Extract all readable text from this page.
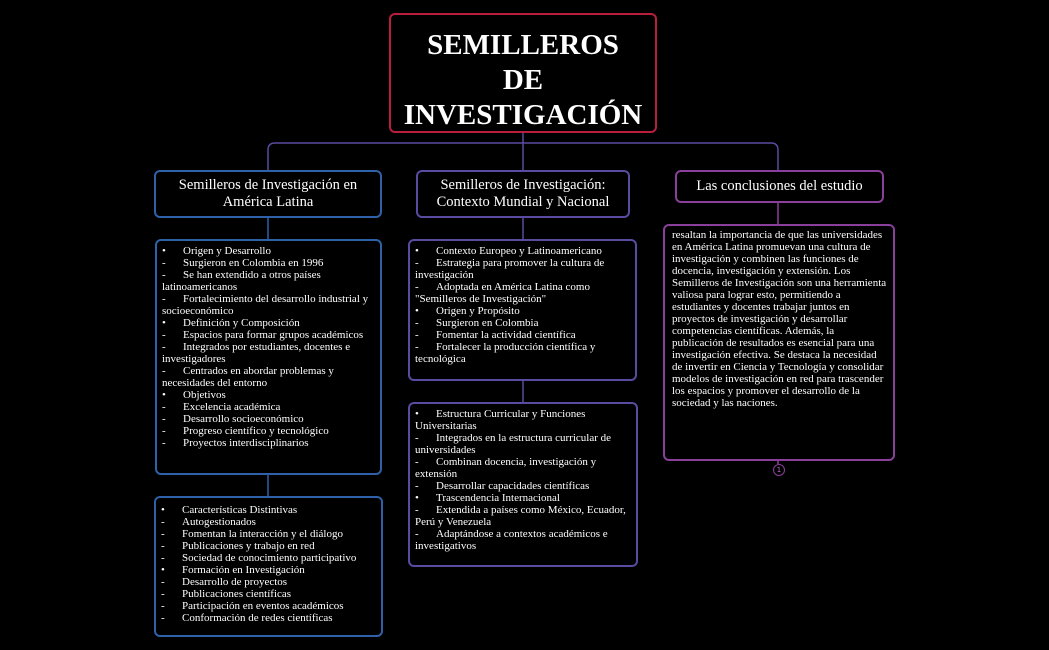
SEMILLEROS
DE
INVESTIGACIÓN
Semilleros de Investigación en
América Latina
Semilleros de Investigación:
Contexto Mundial y Nacional
Las conclusiones del estudio
• Origen y Desarrollo
- Surgieron en Colombia en 1996
- Se han extendido a otros países latinoamericanos
- Fortalecimiento del desarrollo industrial y socioeconómico
• Definición y Composición
- Espacios para formar grupos académicos
- Integrados por estudiantes, docentes e investigadores
- Centrados en abordar problemas y necesidades del entorno
• Objetivos
- Excelencia académica
- Desarrollo socioeconómico
- Progreso científico y tecnológico
- Proyectos interdisciplinarios
• Características Distintivas
- Autogestionados
- Fomentan la interacción y el diálogo
- Publicaciones y trabajo en red
- Sociedad de conocimiento participativo
• Formación en Investigación
- Desarrollo de proyectos
- Publicaciones científicas
- Participación en eventos académicos
- Conformación de redes científicas
• Contexto Europeo y Latinoamericano
- Estrategia para promover la cultura de investigación
- Adoptada en América Latina como "Semilleros de Investigación"
• Origen y Propósito
- Surgieron en Colombia
- Fomentar la actividad científica
- Fortalecer la producción científica y tecnológica
• Estructura Curricular y Funciones Universitarias
- Integrados en la estructura curricular de universidades
- Combinan docencia, investigación y extensión
- Desarrollar capacidades científicas
• Trascendencia Internacional
- Extendida a países como México, Ecuador, Perú y Venezuela
- Adaptándose a contextos académicos e investigativos
resaltan la importancia de que las universidades en América Latina promuevan una cultura de investigación y combinen las funciones de docencia, investigación y extensión. Los Semilleros de Investigación son una herramienta valiosa para lograr esto, permitiendo a estudiantes y docentes trabajar juntos en proyectos de investigación y desarrollar competencias científicas. Además, la publicación de resultados es esencial para una investigación efectiva. Se destaca la necesidad de invertir en Ciencia y Tecnología y consolidar modelos de investigación en red para trascender los espacios y promover el desarrollo de la sociedad y las naciones.
1
